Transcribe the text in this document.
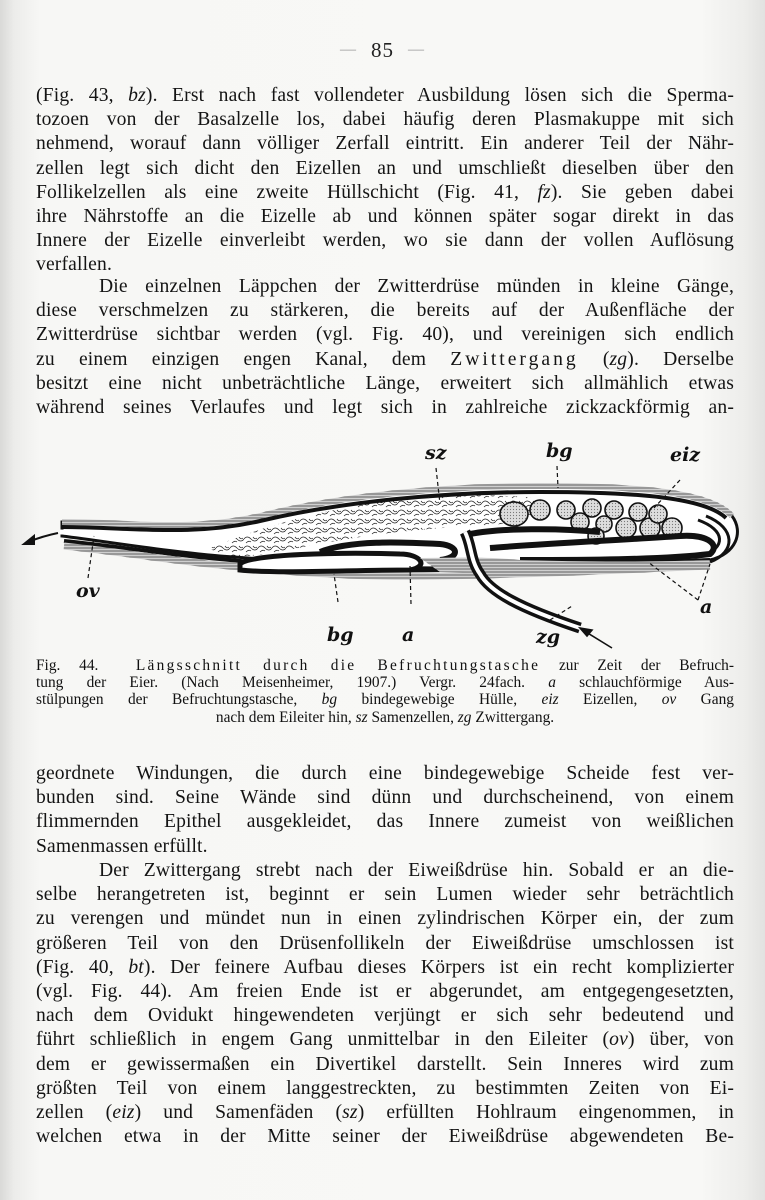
— 85 —
(Fig. 43, bz). Erst nach fast vollendeter Ausbildung lösen sich die Sperma-
tozoen von der Basalzelle los, dabei häufig deren Plasmakuppe mit sich
nehmend, worauf dann völliger Zerfall eintritt. Ein anderer Teil der Nähr-
zellen legt sich dicht den Eizellen an und umschließt dieselben über den
Follikelzellen als eine zweite Hüllschicht (Fig. 41, fz). Sie geben dabei
ihre Nährstoffe an die Eizelle ab und können später sogar direkt in das
Innere der Eizelle einverleibt werden, wo sie dann der vollen Auflösung
verfallen.
Die einzelnen Läppchen der Zwitterdrüse münden in kleine Gänge,
diese verschmelzen zu stärkeren, die bereits auf der Außenfläche der
Zwitterdrüse sichtbar werden (vgl. Fig. 40), und vereinigen sich endlich
zu einem einzigen engen Kanal, dem Zwittergang (zg). Derselbe
besitzt eine nicht unbeträchtliche Länge, erweitert sich allmählich etwas
während seines Verlaufes und legt sich in zahlreiche zickzackförmig an-
sz	bg	eiz
ov
bg	a	zg
a
Fig. 44. Längsschnitt durch die Befruchtungstasche zur Zeit der Befruch-
tung der Eier. (Nach Meisenheimer, 1907.) Vergr. 24fach. a schlauchförmige Aus-
stülpungen der Befruchtungstasche, bg bindegewebige Hülle, eiz Eizellen, ov Gang
nach dem Eileiter hin, sz Samenzellen, zg Zwittergang.
geordnete Windungen, die durch eine bindegewebige Scheide fest ver-
bunden sind. Seine Wände sind dünn und durchscheinend, von einem
flimmernden Epithel ausgekleidet, das Innere zumeist von weißlichen
Samenmassen erfüllt.
Der Zwittergang strebt nach der Eiweißdrüse hin. Sobald er an die-
selbe herangetreten ist, beginnt er sein Lumen wieder sehr beträchtlich
zu verengen und mündet nun in einen zylindrischen Körper ein, der zum
größeren Teil von den Drüsenfollikeln der Eiweißdrüse umschlossen ist
(Fig. 40, bt). Der feinere Aufbau dieses Körpers ist ein recht komplizierter
(vgl. Fig. 44). Am freien Ende ist er abgerundet, am entgegengesetzten,
nach dem Ovidukt hingewendeten verjüngt er sich sehr bedeutend und
führt schließlich in engem Gang unmittelbar in den Eileiter (ov) über, von
dem er gewissermaßen ein Divertikel darstellt. Sein Inneres wird zum
größten Teil von einem langgestreckten, zu bestimmten Zeiten von Ei-
zellen (eiz) und Samenfäden (sz) erfüllten Hohlraum eingenommen, in
welchen etwa in der Mitte seiner der Eiweißdrüse abgewendeten Be-
